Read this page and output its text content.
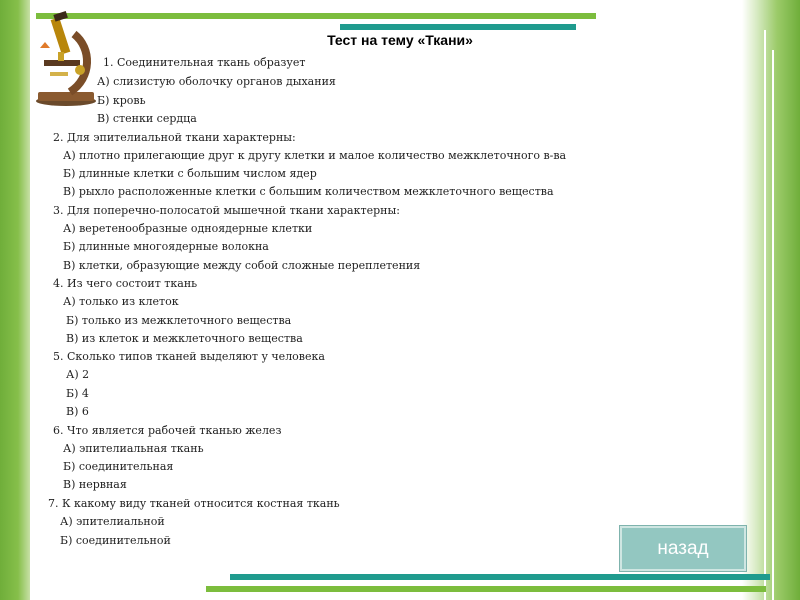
Тест на тему «Ткани»
1. Соединительная ткань образует
А) слизистую оболочку органов дыхания
Б) кровь
В) стенки сердца
2. Для эпителиальной ткани характерны:
А) плотно прилегающие друг к другу клетки и малое количество межклеточного в-ва
Б) длинные клетки с большим числом ядер
В) рыхло расположенные клетки с большим количеством межклеточного вещества
3. Для поперечно-полосатой мышечной ткани характерны:
А) веретенообразные одноядерные клетки
Б) длинные многоядерные волокна
В) клетки, образующие между собой сложные переплетения
4. Из чего состоит ткань
А) только из клеток
Б) только из межклеточного вещества
В) из клеток и межклеточного вещества
5. Сколько типов тканей выделяют у человека
А) 2
Б) 4
В) 6
6. Что является рабочей тканью желез
А) эпителиальная ткань
Б) соединительная
В) нервная
7. К какому виду тканей относится костная ткань
А) эпителиальной
Б) соединительной	назад
